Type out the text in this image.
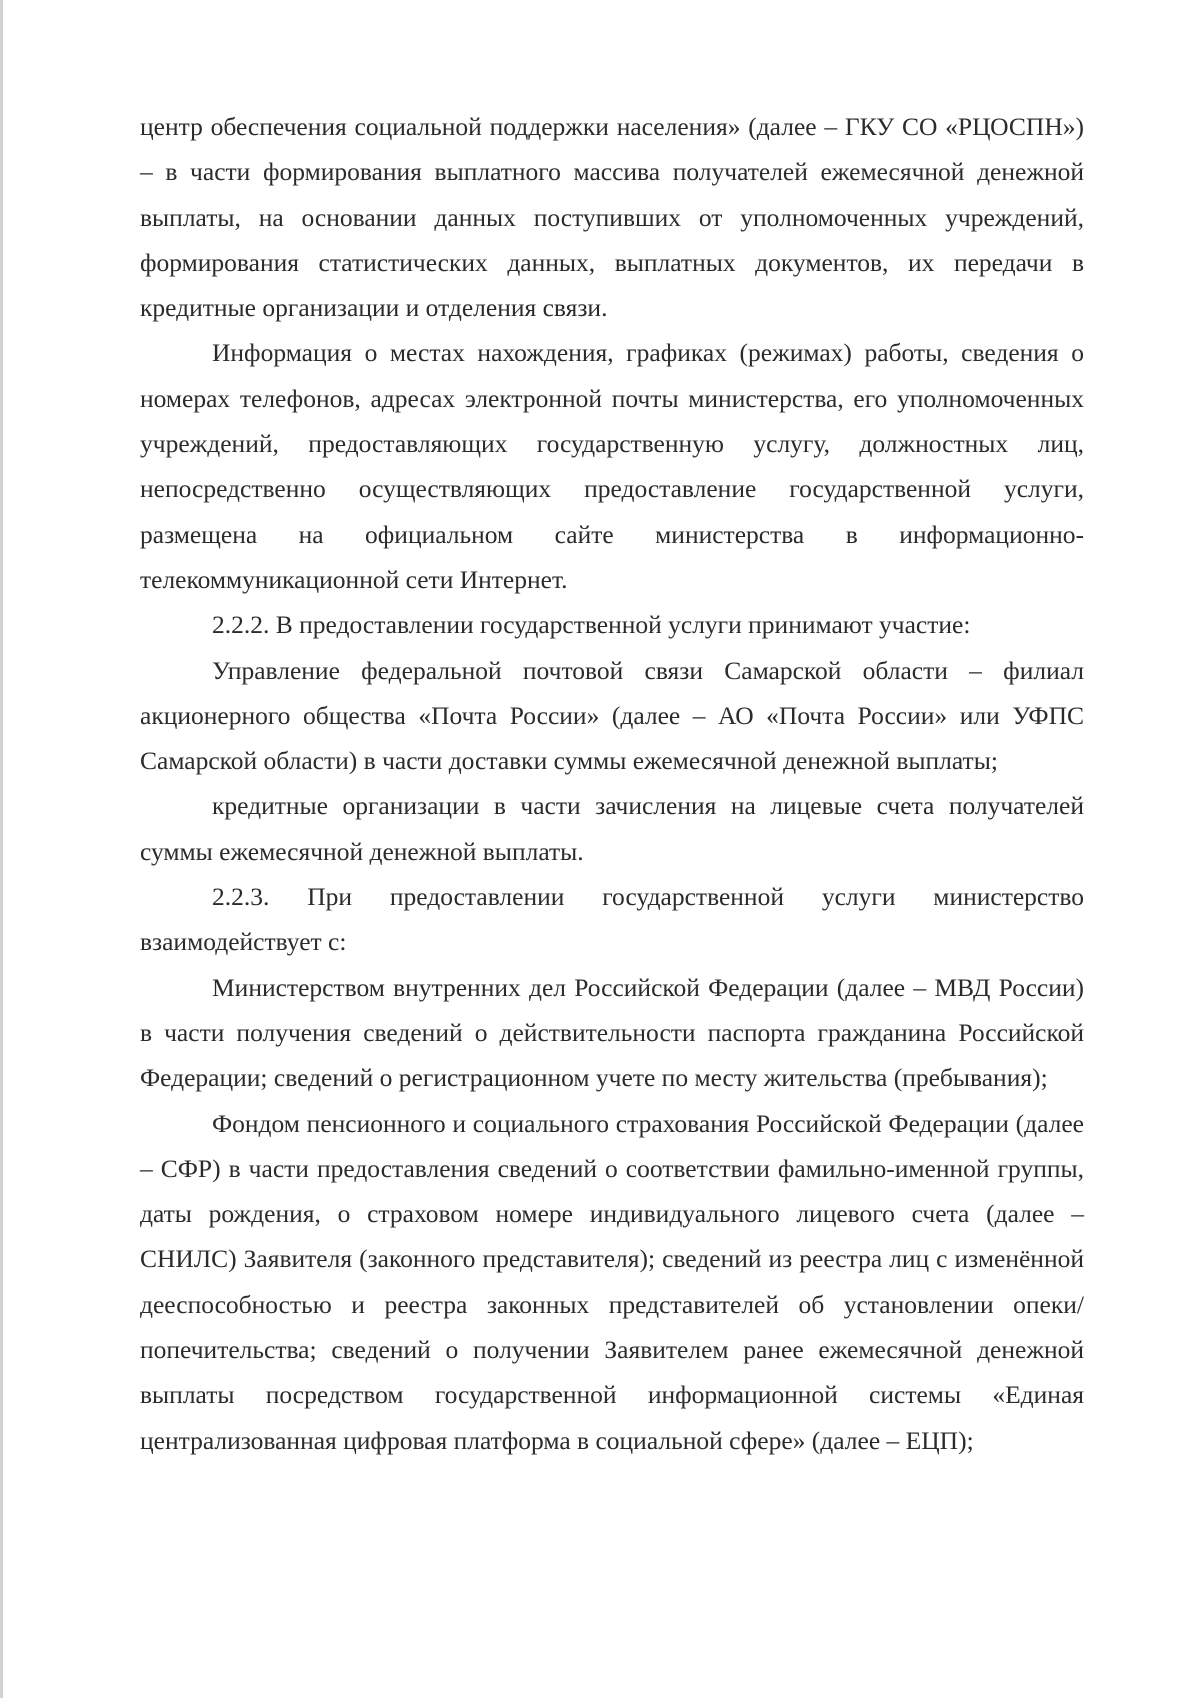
центр обеспечения социальной поддержки населения» (далее – ГКУ СО «РЦОСПН») – в части формирования выплатного массива получателей ежемесячной денежной выплаты, на основании данных поступивших от уполномоченных учреждений, формирования статистических данных, выплатных документов, их передачи в кредитные организации и отделения связи.

Информация о местах нахождения, графиках (режимах) работы, сведения о номерах телефонов, адресах электронной почты министерства, его уполномоченных учреждений, предоставляющих государственную услугу, должностных лиц, непосредственно осуществляющих предоставление государственной услуги, размещена на официальном сайте министерства в информационно-телекоммуникационной сети Интернет.

2.2.2. В предоставлении государственной услуги принимают участие:

Управление федеральной почтовой связи Самарской области – филиал акционерного общества «Почта России» (далее – АО «Почта России» или УФПС Самарской области) в части доставки суммы ежемесячной денежной выплаты;

кредитные организации в части зачисления на лицевые счета получателей суммы ежемесячной денежной выплаты.

2.2.3. При предоставлении государственной услуги министерство взаимодействует с:

Министерством внутренних дел Российской Федерации (далее – МВД России) в части получения сведений о действительности паспорта гражданина Российской Федерации; сведений о регистрационном учете по месту жительства (пребывания);

Фондом пенсионного и социального страхования Российской Федерации (далее – СФР) в части предоставления сведений о соответствии фамильно-именной группы, даты рождения, о страховом номере индивидуального лицевого счета (далее – СНИЛС) Заявителя (законного представителя); сведений из реестра лиц с изменённой дееспособностью и реестра законных представителей об установлении опеки/попечительства; сведений о получении Заявителем ранее ежемесячной денежной выплаты посредством государственной информационной системы «Единая централизованная цифровая платформа в социальной сфере» (далее – ЕЦП);
